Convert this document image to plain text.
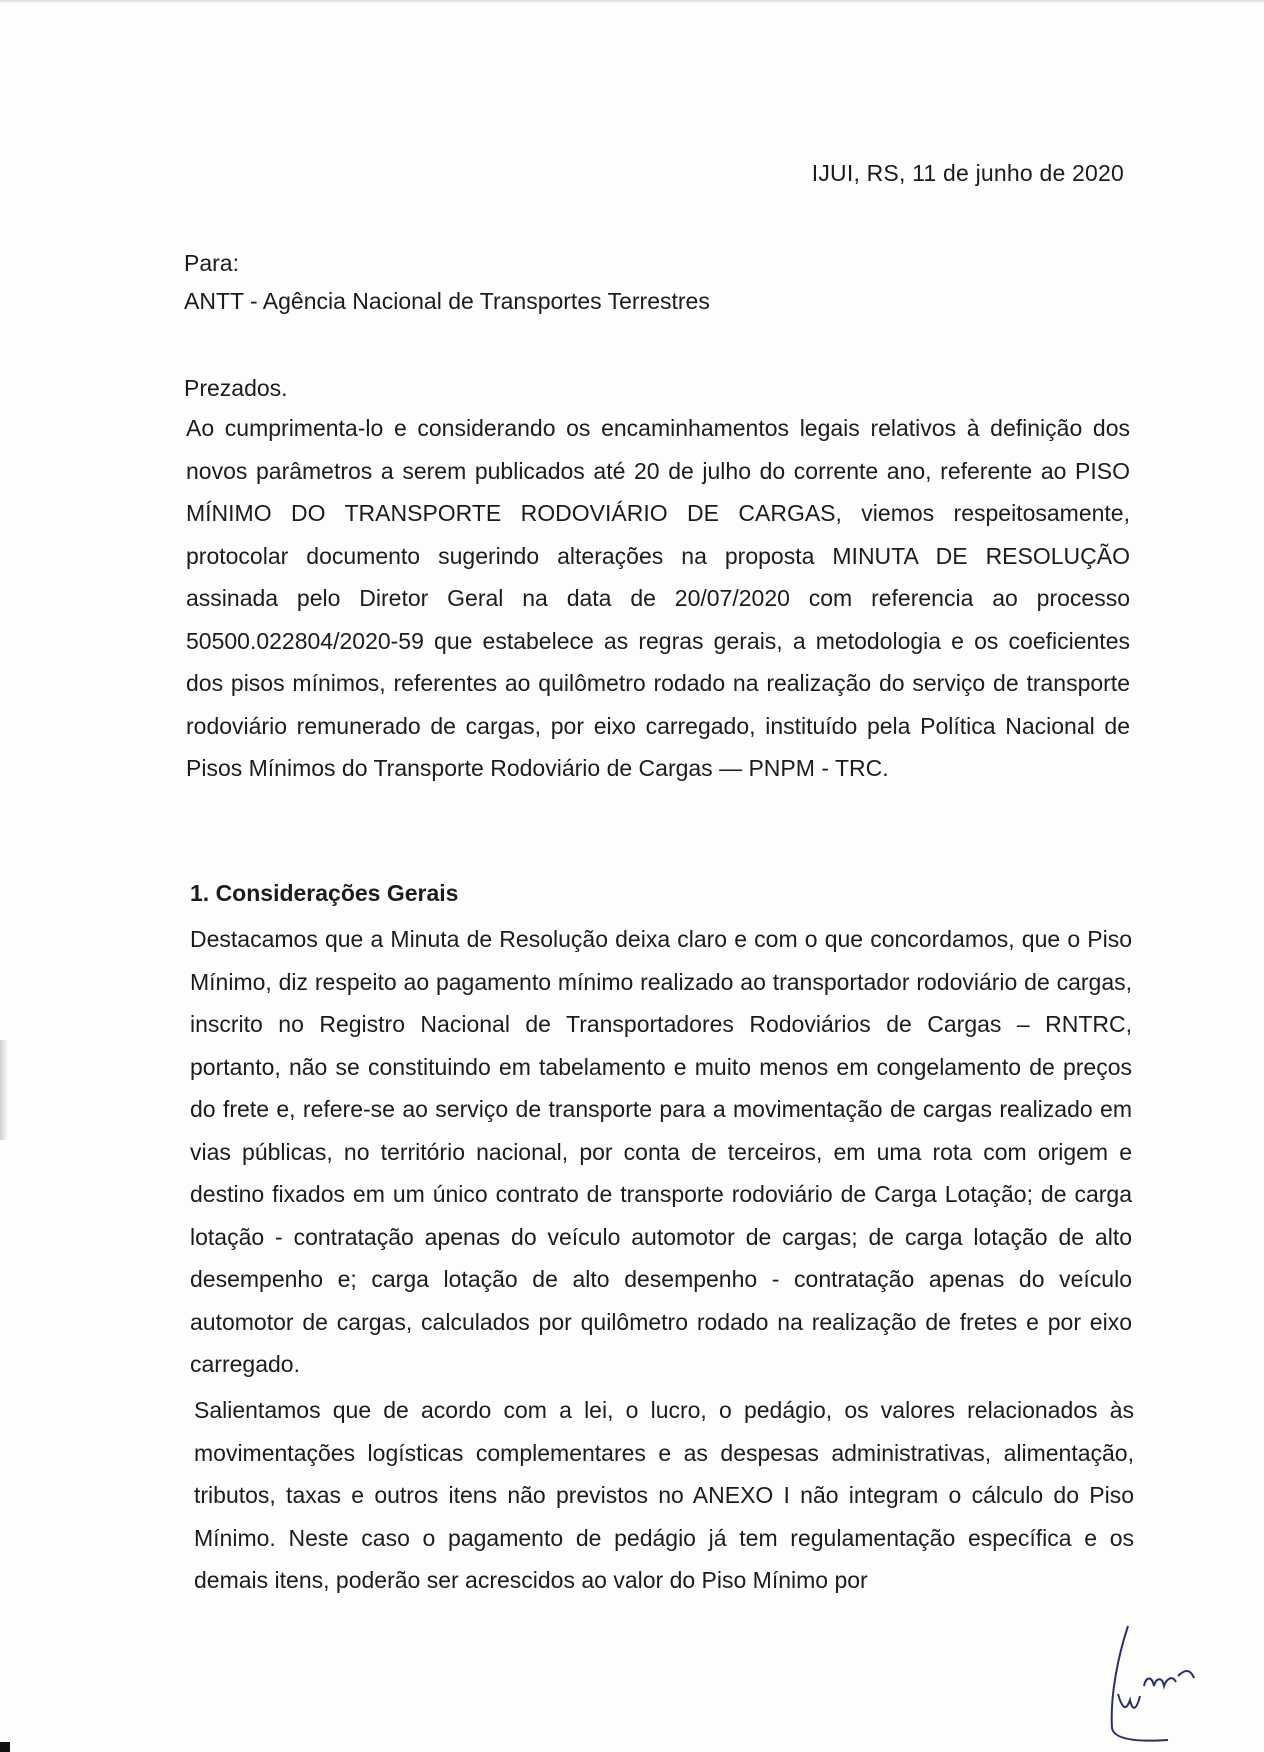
IJUI, RS, 11 de junho de 2020
Para:
ANTT - Agência Nacional de Transportes Terrestres
Prezados.
Ao cumprimenta-lo e considerando os encaminhamentos legais relativos à definição dos novos parâmetros a serem publicados até 20 de julho do corrente ano, referente ao PISO MÍNIMO DO TRANSPORTE RODOVIÁRIO DE CARGAS, viemos respeitosamente, protocolar documento sugerindo alterações na proposta MINUTA DE RESOLUÇÃO assinada pelo Diretor Geral na data de 20/07/2020 com referencia ao processo 50500.022804/2020-59 que estabelece as regras gerais, a metodologia e os coeficientes dos pisos mínimos, referentes ao quilômetro rodado na realização do serviço de transporte rodoviário remunerado de cargas, por eixo carregado, instituído pela Política Nacional de Pisos Mínimos do Transporte Rodoviário de Cargas — PNPM - TRC.
1. Considerações Gerais
Destacamos que a Minuta de Resolução deixa claro e com o que concordamos, que o Piso Mínimo, diz respeito ao pagamento mínimo realizado ao transportador rodoviário de cargas, inscrito no Registro Nacional de Transportadores Rodoviários de Cargas – RNTRC, portanto, não se constituindo em tabelamento e muito menos em congelamento de preços do frete e, refere-se ao serviço de transporte para a movimentação de cargas realizado em vias públicas, no território nacional, por conta de terceiros, em uma rota com origem e destino fixados em um único contrato de transporte rodoviário de Carga Lotação; de carga lotação - contratação apenas do veículo automotor de cargas; de carga lotação de alto desempenho e; carga lotação de alto desempenho - contratação apenas do veículo automotor de cargas, calculados por quilômetro rodado na realização de fretes e por eixo carregado.
Salientamos que de acordo com a lei, o lucro, o pedágio, os valores relacionados às movimentações logísticas complementares e as despesas administrativas, alimentação, tributos, taxas e outros itens não previstos no ANEXO I não integram o cálculo do Piso Mínimo. Neste caso o pagamento de pedágio já tem regulamentação específica e os demais itens, poderão ser acrescidos ao valor do Piso Mínimo por
